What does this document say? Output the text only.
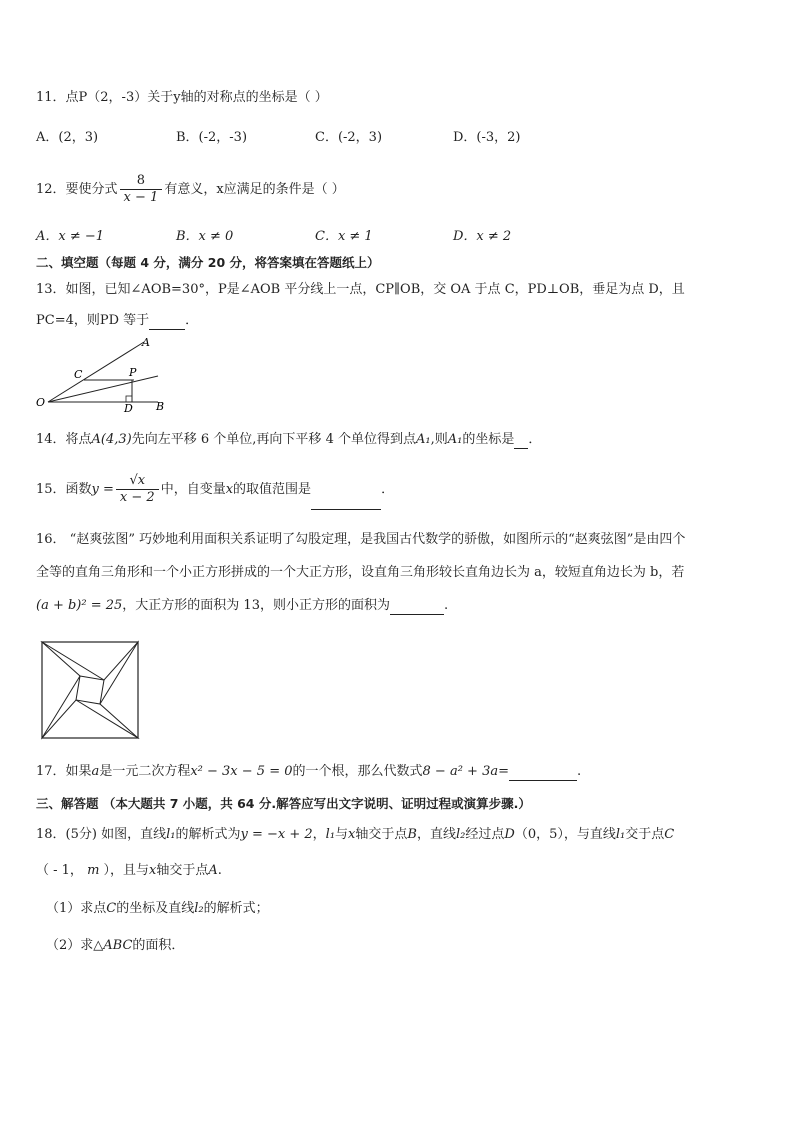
11．点P（2，-3）关于y轴的对称点的坐标是（ ）
A．(2，3)	B．(-2，-3)	C．(-2，3)	D．(-3，2)
12．要使分式 $\frac{8}{x - 1}$ 有意义，x应满足的条件是（ ）
A．x ≠ −1	B．x ≠ 0	C．x ≠ 1	D．x ≠ 2
二、填空题（每题 4 分，满分 20 分，将答案填在答题纸上）
13．如图，已知∠AOB=30°，P是∠AOB 平分线上一点，CP∥OB，交 OA 于点 C，PD⊥OB，垂足为点 D，且
PC=4，则PD 等于	．
A
C	P
O	D B
14．将点A(4,3)先向左平移 6 个单位,再向下平移 4 个单位得到点A₁,则A₁的坐标是 ．
15．函数$y = \frac{√x}{x - 2}$ 中，自变量x的取值范围是	．
16． “赵爽弦图” 巧妙地利用面积关系证明了勾股定理，是我国古代数学的骄傲，如图所示的“赵爽弦图”是由四个
全等的直角三角形和一个小正方形拼成的一个大正方形，设直角三角形较长直角边长为 a，较短直角边长为 b，若
(a + b)² = 25，大正方形的面积为 13，则小正方形的面积为	.
17．如果a是一元二次方程x² − 3x − 5 = 0的一个根，那么代数式8 − a² + 3a=	.
三、解答题 （本大题共 7 小题，共 64 分.解答应写出文字说明、证明过程或演算步骤.）
18．(5分) 如图，直线l₁的解析式为y = −x + 2，l₁与x轴交于点B，直线l₂经过点D（0，5），与直线l₁交于点C
（ - 1， m ），且与x轴交于点A.
（1）求点C的坐标及直线l₂的解析式；
（2）求△ABC的面积．
